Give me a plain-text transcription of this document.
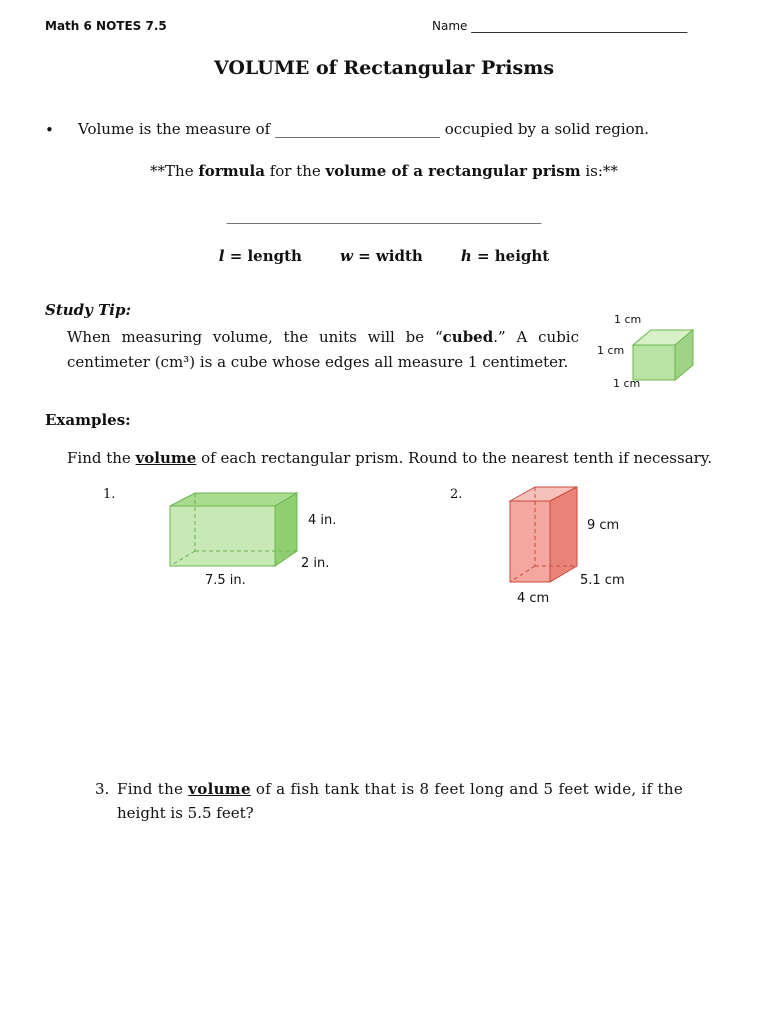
Math 6 NOTES 7.5	Name ____________________________________
VOLUME of Rectangular Prisms
• Volume is the measure of ______________________ occupied by a solid region.
**The formula for the volume of a rectangular prism is:**
__________________________________________
l = length	w = width	h = height
Study Tip:
When measuring volume, the units will be “cubed.” A cubic centimeter (cm³) is a cube whose edges all measure 1 centimeter.
1 cm
1 cm
1 cm
Examples:
Find the volume of each rectangular prism. Round to the nearest tenth if necessary.
1.
4 in.
2 in.
7.5 in.
2.
9 cm
5.1 cm
4 cm
3. Find the volume of a fish tank that is 8 feet long and 5 feet wide, if the
height is 5.5 feet?
